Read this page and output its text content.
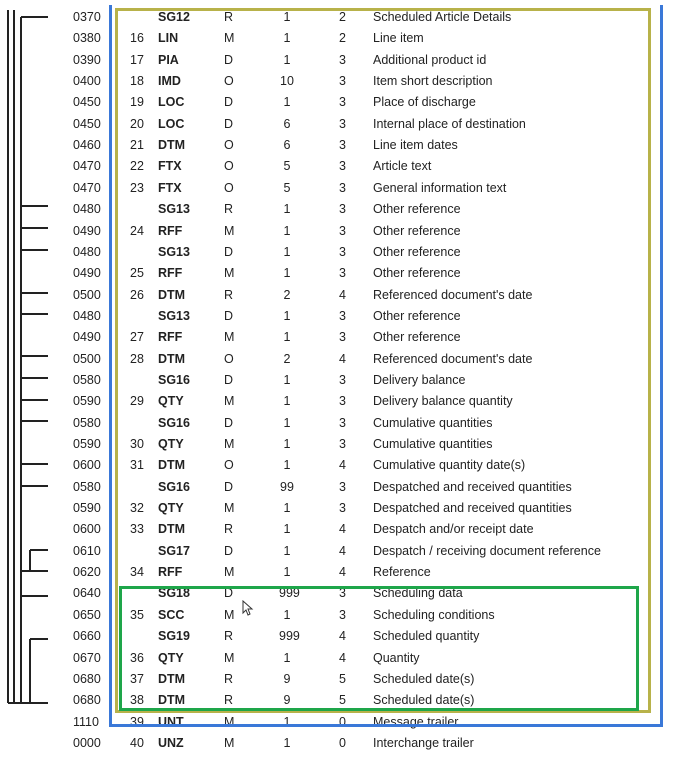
0370	SG12	R	1	2 Scheduled Article Details
0380 16 LIN	M	1	2 Line item
0390 17 PIA	D	1	3 Additional product id
0400 18 IMD	O	10	3 Item short description
0450 19 LOC	D	1	3 Place of discharge
0450 20 LOC	D	6	3 Internal place of destination
0460 21 DTM	O	6	3 Line item dates
0470 22 FTX	O	5	3 Article text
0470 23 FTX	O	5	3 General information text
0480	SG13	R	1	3 Other reference
0490 24 RFF	M	1	3 Other reference
0480	SG13	D	1	3 Other reference
0490 25 RFF	M	1	3 Other reference
0500 26 DTM	R	2	4 Referenced document's date
0480	SG13	D	1	3 Other reference
0490 27 RFF	M	1	3 Other reference
0500 28 DTM	O	2	4 Referenced document's date
0580	SG16	D	1	3 Delivery balance
0590 29 QTY	M	1	3 Delivery balance quantity
0580	SG16	D	1	3 Cumulative quantities
0590 30 QTY	M	1	3 Cumulative quantities
0600 31 DTM	O	1	4 Cumulative quantity date(s)
0580	SG16	D	99	3 Despatched and received quantities
0590 32 QTY	M	1	3 Despatched and received quantities
0600 33 DTM	R	1	4 Despatch and/or receipt date
0610	SG17	D	1	4 Despatch / receiving document reference
0620 34 RFF	M	1	4 Reference
0640	SG18	D	999	3 Scheduling data
0650 35 SCC	M	1	3 Scheduling conditions
0660	SG19	R	999	4 Scheduled quantity
0670 36 QTY	M	1	4 Quantity
0680 37 DTM	R	9	5 Scheduled date(s)
0680 38 DTM	R	9	5 Scheduled date(s)
1110 39 UNT	M	1	0 Message trailer
0000 40 UNZ	M	1	0 Interchange trailer
